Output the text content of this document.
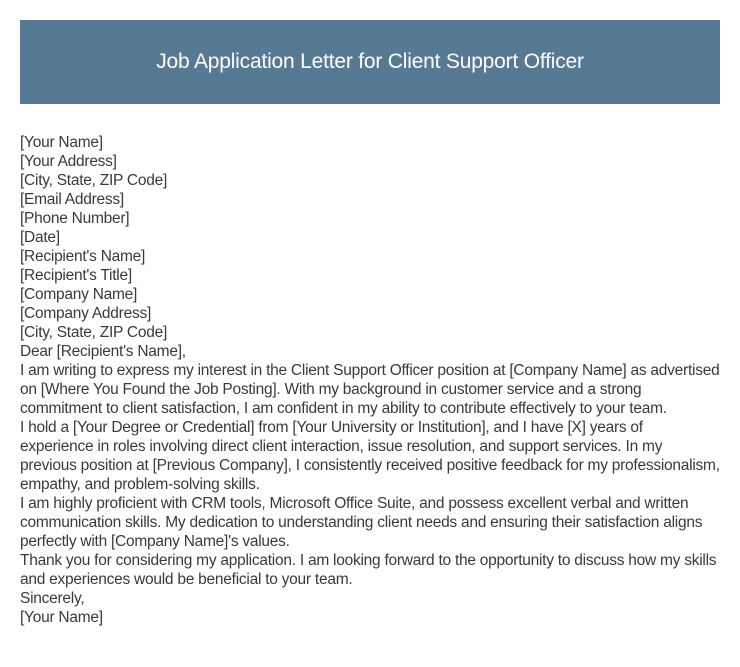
Job Application Letter for Client Support Officer

[Your Name]

[Your Address]

[City, State, ZIP Code]

[Email Address]

[Phone Number]

[Date]

[Recipient's Name]

[Recipient's Title]

[Company Name]

[Company Address]

[City, State, ZIP Code]

Dear [Recipient's Name],

I am writing to express my interest in the Client Support Officer position at [Company Name] as advertised on [Where You Found the Job Posting]. With my background in customer service and a strong commitment to client satisfaction, I am confident in my ability to contribute effectively to your team.

I hold a [Your Degree or Credential] from [Your University or Institution], and I have [X] years of experience in roles involving direct client interaction, issue resolution, and support services. In my previous position at [Previous Company], I consistently received positive feedback for my professionalism, empathy, and problem-solving skills.

I am highly proficient with CRM tools, Microsoft Office Suite, and possess excellent verbal and written communication skills. My dedication to understanding client needs and ensuring their satisfaction aligns perfectly with [Company Name]'s values.

Thank you for considering my application. I am looking forward to the opportunity to discuss how my skills and experiences would be beneficial to your team.

Sincerely,

[Your Name]
